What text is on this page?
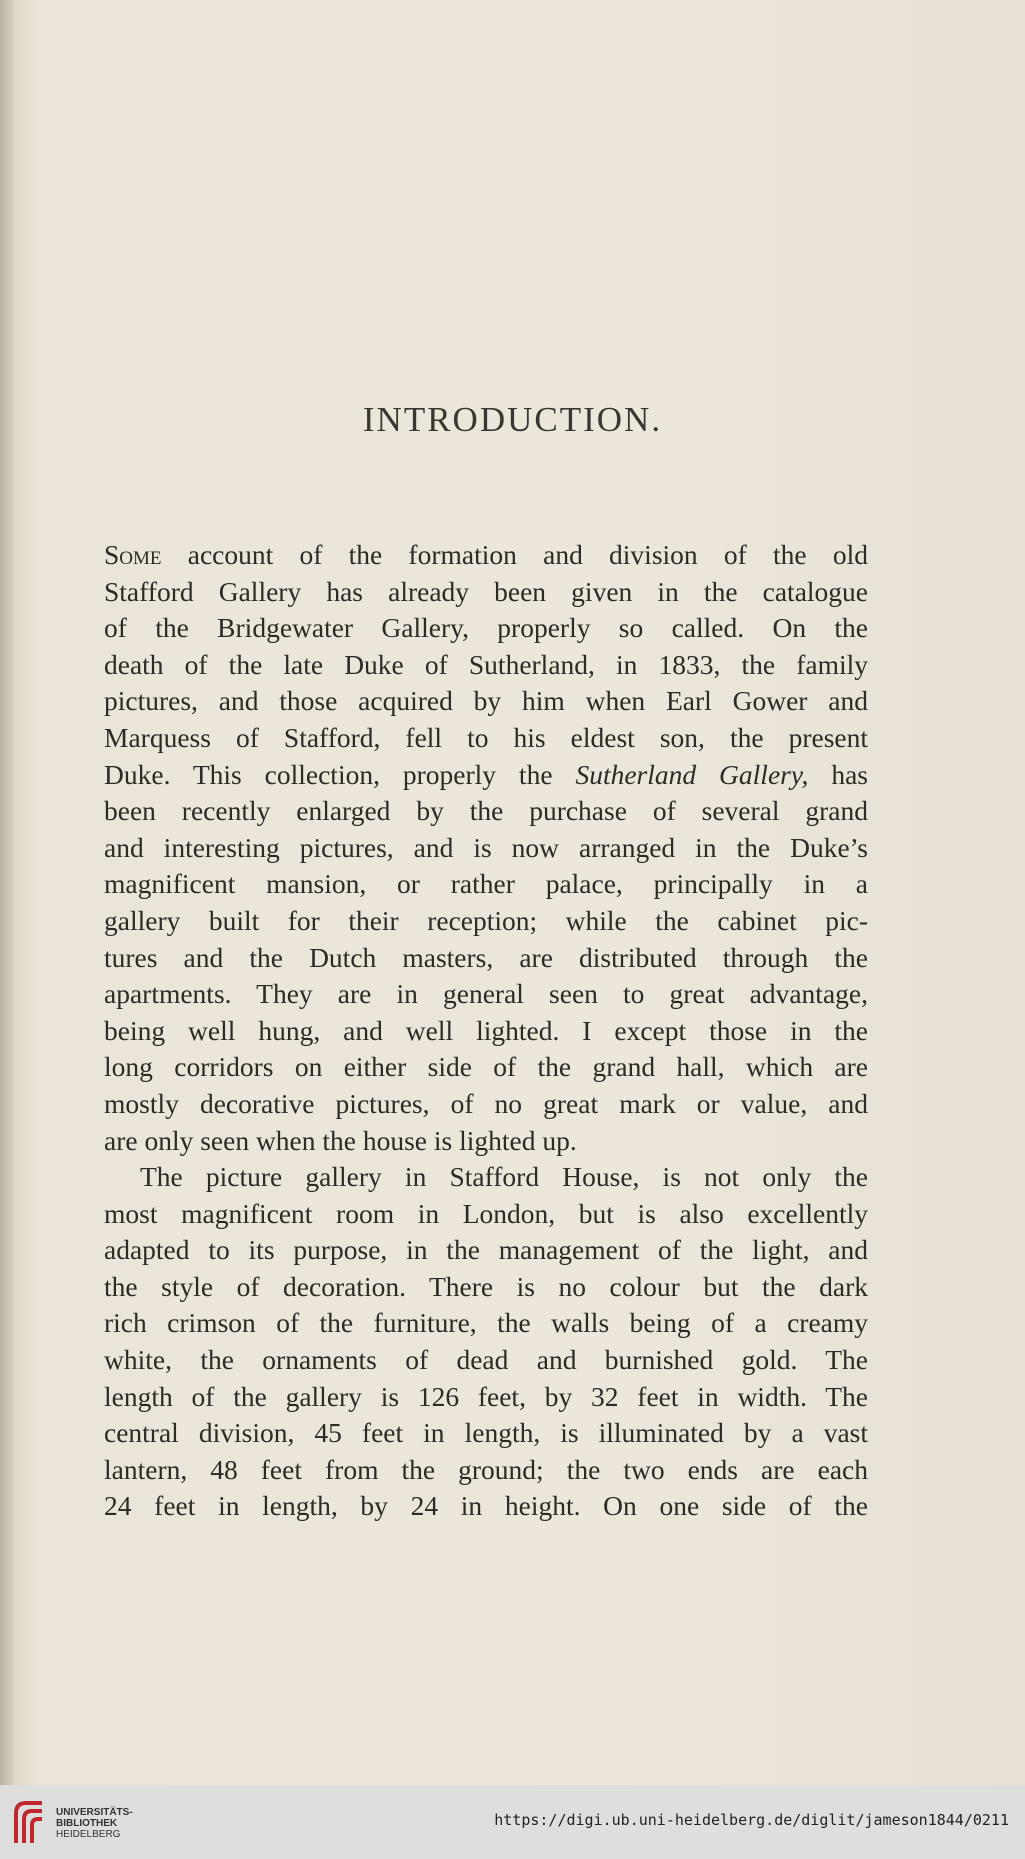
INTRODUCTION.
Some account of the formation and division of the old
Stafford Gallery has already been given in the catalogue
of the Bridgewater Gallery, properly so called. On the
death of the late Duke of Sutherland, in 1833, the family
pictures, and those acquired by him when Earl Gower and
Marquess of Stafford, fell to his eldest son, the present
Duke. This collection, properly the Sutherland Gallery, has
been recently enlarged by the purchase of several grand
and interesting pictures, and is now arranged in the Duke’s
magnificent mansion, or rather palace, principally in a
gallery built for their reception; while the cabinet pic-
tures and the Dutch masters, are distributed through the
apartments. They are in general seen to great advantage,
being well hung, and well lighted. I except those in the
long corridors on either side of the grand hall, which are
mostly decorative pictures, of no great mark or value, and
are only seen when the house is lighted up.
The picture gallery in Stafford House, is not only the
most magnificent room in London, but is also excellently
adapted to its purpose, in the management of the light, and
the style of decoration. There is no colour but the dark
rich crimson of the furniture, the walls being of a creamy
white, the ornaments of dead and burnished gold. The
length of the gallery is 126 feet, by 32 feet in width. The
central division, 45 feet in length, is illuminated by a vast
lantern, 48 feet from the ground; the two ends are each
24 feet in length, by 24 in height. On one side of the
UNIVERSITÄTS-
BIBLIOTHEK
HEIDELBERG
https://digi.ub.uni-heidelberg.de/diglit/jameson1844/0211
